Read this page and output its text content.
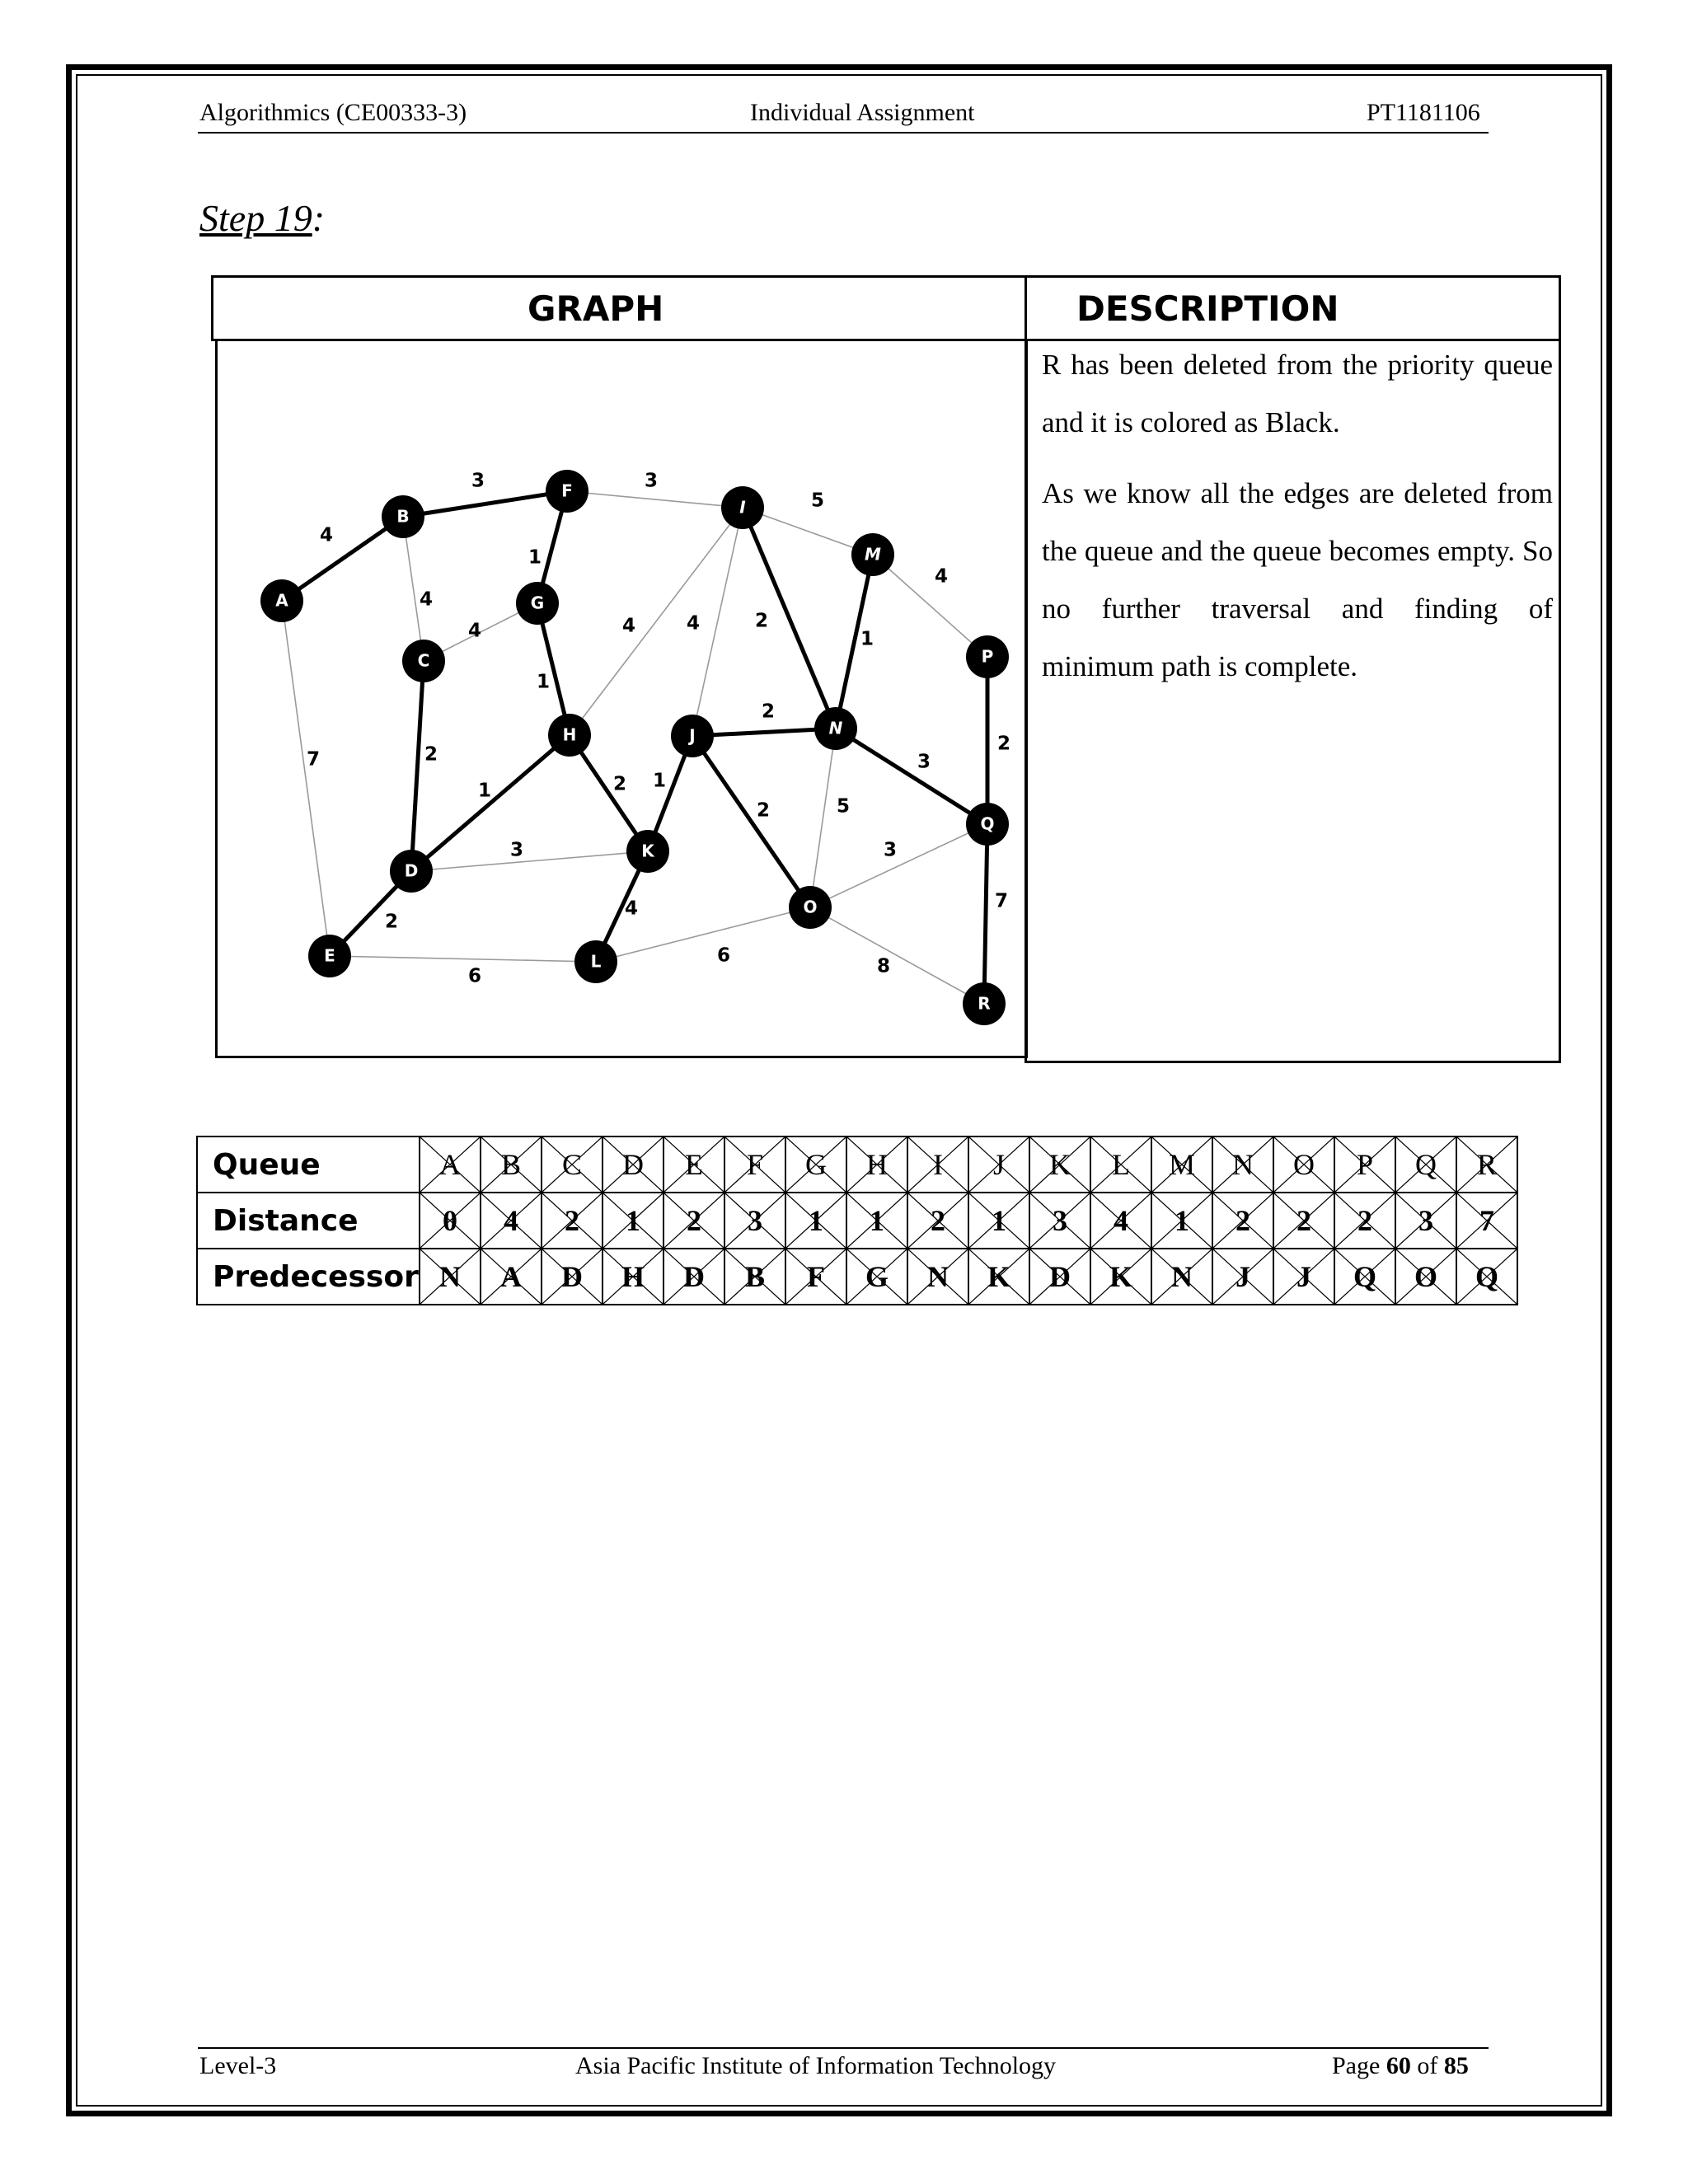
Algorithmics (CE00333-3)	Individual Assignment	PT1181106
Step 19:
GRAPH	DESCRIPTION

R has been deleted from the priority queue and it is colored as Black.

As we know all the edges are deleted from the queue and the queue becomes empty. So no further traversal and finding of minimum path is complete.

4
3	3
5
4
1
4
4
1
4	4	2
1
2
2
3
7	2
1	2 1
2	5
3
3
4
2
7
6
6	8
A
B
C
D
E
F
G
H
I
J
K
L
M
N
O
P
Q
R
Queue	A	B	C	D	E	F	G	H	I	J	K	L	M	N	O	P	Q	R
Distance	0	4	2	1	2	3	1	1	2	1	3	4	1	2	2	2	3	7
Predecessor	N	A	D	H	D	B	F	G	N	K	D	K	N	J	J	Q	O	Q
Level-3	Asia Pacific Institute of Information Technology	Page 60 of 85
